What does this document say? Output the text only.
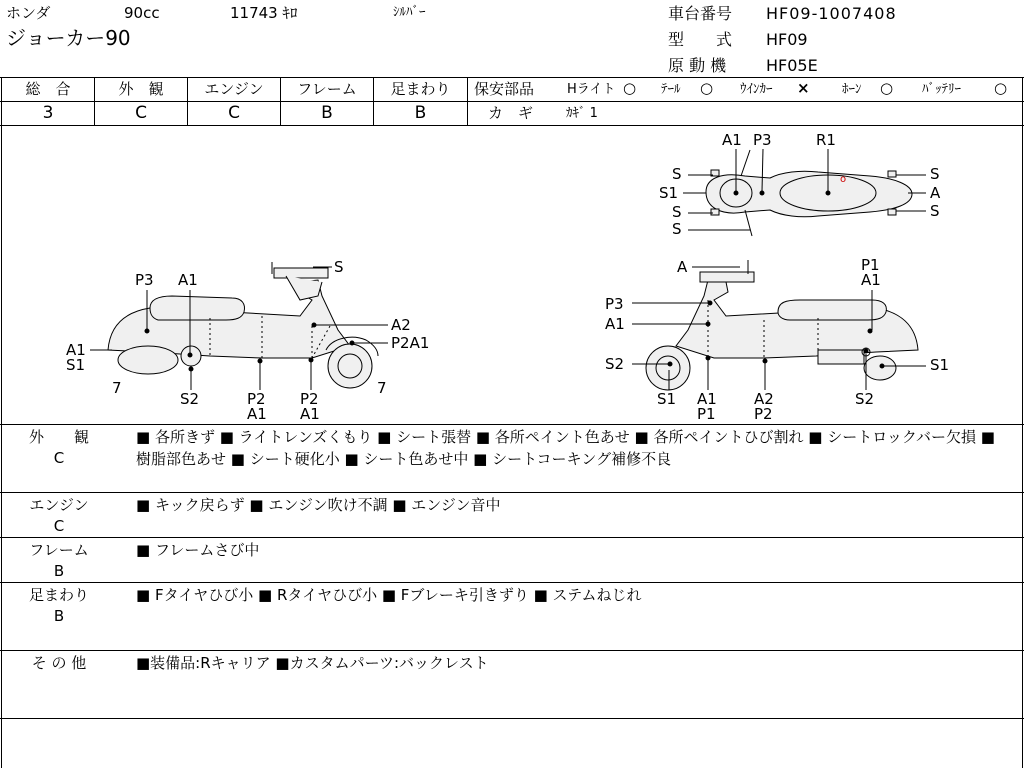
ホンダ	90cc	11743 ｷﾛ	ｼﾙﾊﾞｰ
ジョーカー90
車台番号 HF09-1007408
型　　式 HF09
原 動 機 HF05E
総　合	外　観	エンジン	フレーム	足まわり
3	C	C	B	B
保安部品	Hライト ○ ﾃｰﾙ ○ ｳｲﾝｶｰ × ﾎｰﾝ ○ ﾊﾞｯﾃﾘｰ ○
カ　ギ	ｶｷﾞ 1
o
A1 P3	R1
S
S1
S
S
S
A
S
S
P3 A1
A2
P2A1
A1
S1
7
S2	P2
A1
P2
A1
7
A	P1
A1
P3
A1
S2	S1
A1
P1
A2
P2
S1	S2
外　　観
C
■ 各所きず ■ ライトレンズくもり ■ シート張替 ■ 各所ペイント色あせ ■ 各所ペイントひび割れ ■ シートロックバー欠損 ■ 樹脂部色あせ ■ シート硬化小 ■ シート色あせ中 ■ シートコーキング補修不良
エンジン
C
■ キック戻らず ■ エンジン吹け不調 ■ エンジン音中
フレーム
B
■ フレームさび中
足まわり
B
■ Fタイヤひび小 ■ Rタイヤひび小 ■ Fブレーキ引きずり ■ ステムねじれ
そ の 他	■装備品:Rキャリア ■カスタムパーツ:バックレスト
